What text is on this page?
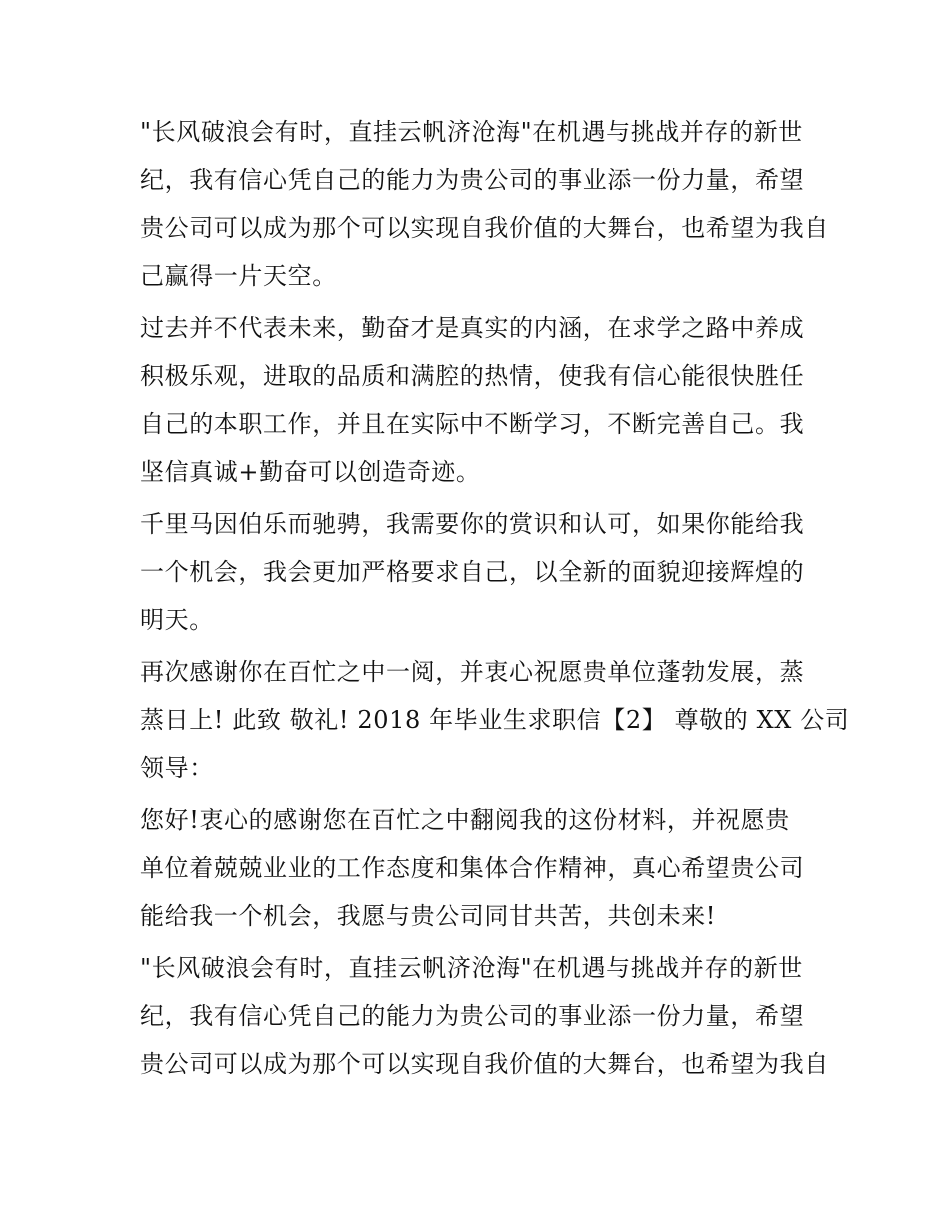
"长风破浪会有时，直挂云帆济沧海"在机遇与挑战并存的新世
纪，我有信心凭自己的能力为贵公司的事业添一份力量，希望
贵公司可以成为那个可以实现自我价值的大舞台，也希望为我自
己赢得一片天空。
过去并不代表未来，勤奋才是真实的内涵，在求学之路中养成
积极乐观，进取的品质和满腔的热情，使我有信心能很快胜任
自己的本职工作，并且在实际中不断学习，不断完善自己。我
坚信真诚+勤奋可以创造奇迹。
千里马因伯乐而驰骋，我需要你的赏识和认可，如果你能给我
一个机会，我会更加严格要求自己，以全新的面貌迎接辉煌的
明天。
再次感谢你在百忙之中一阅，并衷心祝愿贵单位蓬勃发展，蒸
蒸日上! 此致 敬礼! 2018 年毕业生求职信【2】 尊敬的 XX 公司
领导：
您好!衷心的感谢您在百忙之中翻阅我的这份材料，并祝愿贵
单位着兢兢业业的工作态度和集体合作精神，真心希望贵公司
能给我一个机会，我愿与贵公司同甘共苦，共创未来!
"长风破浪会有时，直挂云帆济沧海"在机遇与挑战并存的新世
纪，我有信心凭自己的能力为贵公司的事业添一份力量，希望
贵公司可以成为那个可以实现自我价值的大舞台，也希望为我自
